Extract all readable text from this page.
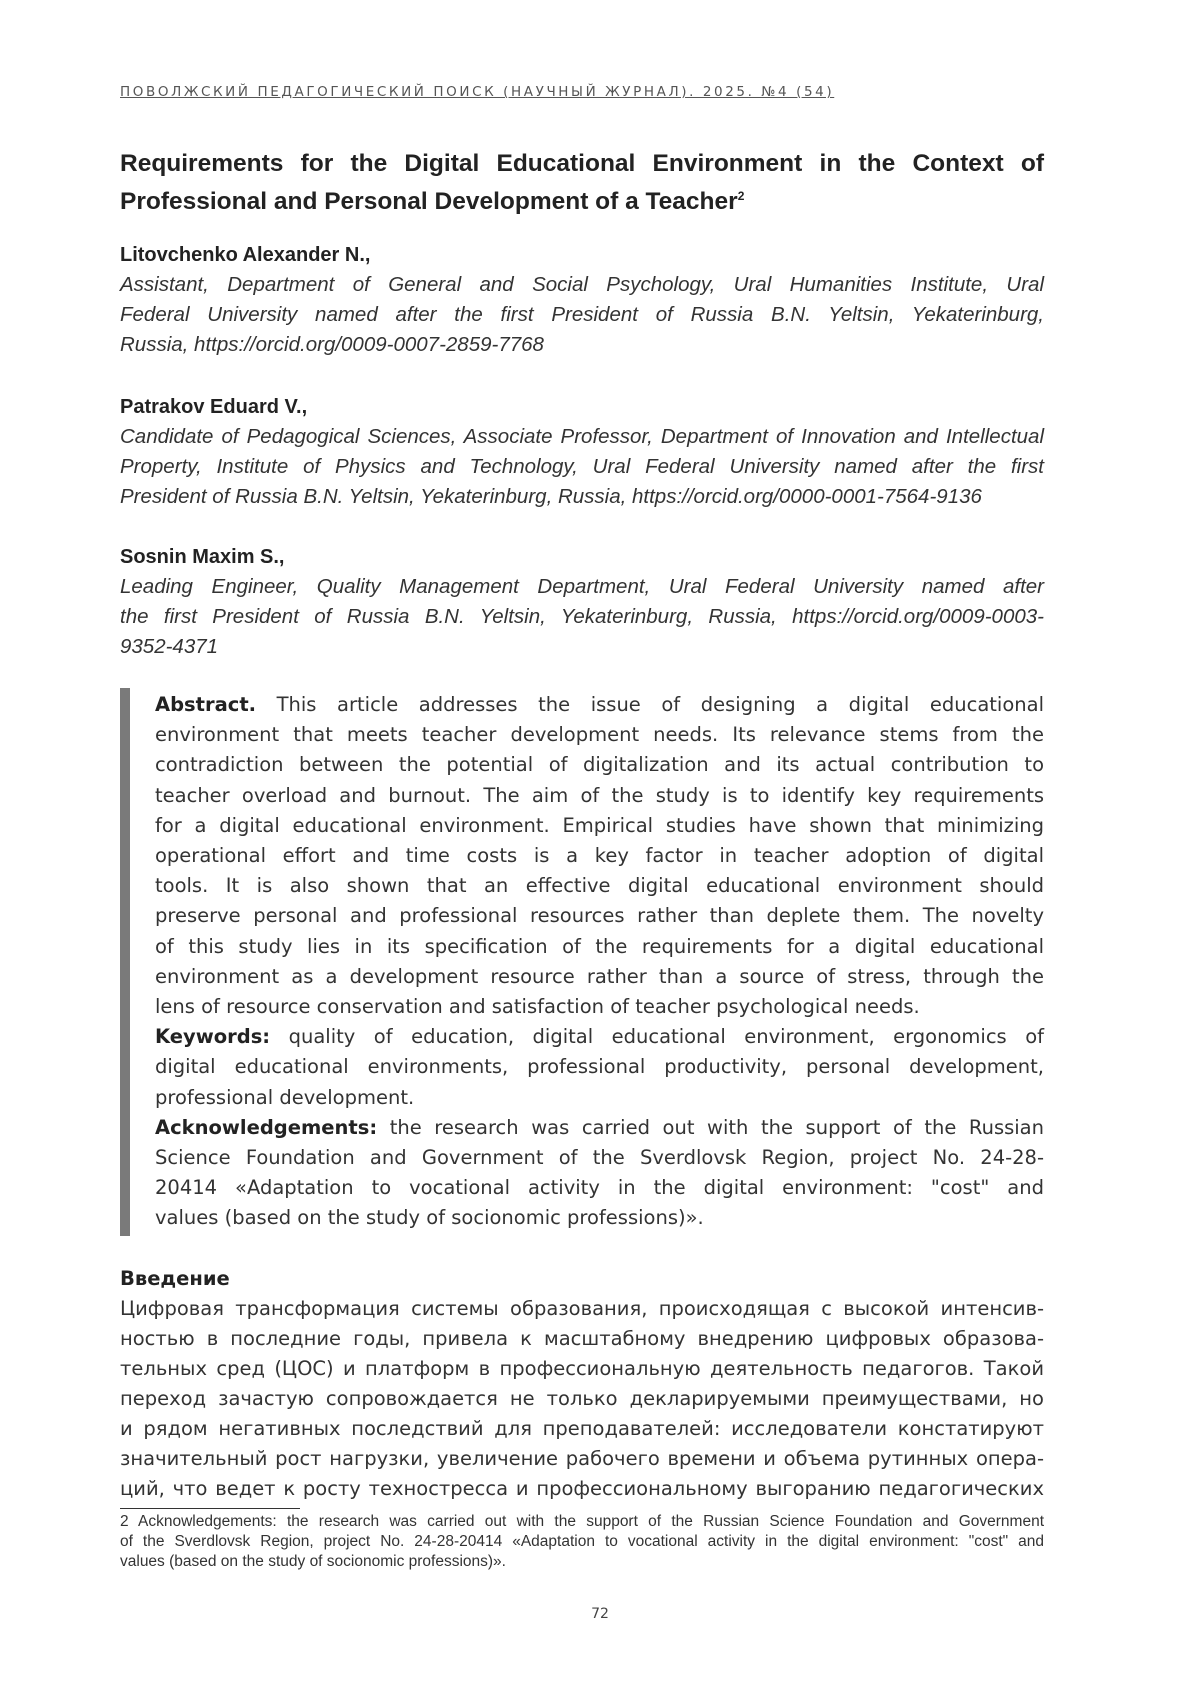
ПОВОЛЖСКИЙ ПЕДАГОГИЧЕСКИЙ ПОИСК (НАУЧНЫЙ ЖУРНАЛ). 2025. №4 (54)
Requirements for the Digital Educational Environment in the Context of
Professional and Personal Development of a Teacher$^2$
Litovchenko Alexander N.,
Assistant, Department of General and Social Psychology, Ural Humanities Institute, Ural
Federal University named after the first President of Russia B.N. Yeltsin, Yekaterinburg,
Russia, https://orcid.org/0009-0007-2859-7768
Patrakov Eduard V.,
Candidate of Pedagogical Sciences, Associate Professor, Department of Innovation and Intellectual
Property, Institute of Physics and Technology, Ural Federal University named after the first
President of Russia B.N. Yeltsin, Yekaterinburg, Russia, https://orcid.org/0000-0001-7564-9136
Sosnin Maxim S.,
Leading Engineer, Quality Management Department, Ural Federal University named after
the first President of Russia B.N. Yeltsin, Yekaterinburg, Russia, https://orcid.org/0009-0003-
9352-4371
Abstract. This article addresses the issue of designing a digital educational
environment that meets teacher development needs. Its relevance stems from the
contradiction between the potential of digitalization and its actual contribution to
teacher overload and burnout. The aim of the study is to identify key requirements
for a digital educational environment. Empirical studies have shown that minimizing
operational effort and time costs is a key factor in teacher adoption of digital
tools. It is also shown that an effective digital educational environment should
preserve personal and professional resources rather than deplete them. The novelty
of this study lies in its specification of the requirements for a digital educational
environment as a development resource rather than a source of stress, through the
lens of resource conservation and satisfaction of teacher psychological needs.
Keywords: quality of education, digital educational environment, ergonomics of
digital educational environments, professional productivity, personal development,
professional development.
Acknowledgements: the research was carried out with the support of the Russian
Science Foundation and Government of the Sverdlovsk Region, project No. 24-28-
20414 «Adaptation to vocational activity in the digital environment: "cost" and
values (based on the study of socionomic professions)».
Введение
Цифровая трансформация системы образования, происходящая с высокой интенсив-
ностью в последние годы, привела к масштабному внедрению цифровых образова-
тельных сред (ЦОС) и платформ в профессиональную деятельность педагогов. Такой
переход зачастую сопровождается не только декларируемыми преимуществами, но
и рядом негативных последствий для преподавателей: исследователи констатируют
значительный рост нагрузки, увеличение рабочего времени и объема рутинных опера-
ций, что ведет к росту техностресса и профессиональному выгоранию педагогических
2 Acknowledgements: the research was carried out with the support of the Russian Science Foundation and Government
of the Sverdlovsk Region, project No. 24-28-20414 «Adaptation to vocational activity in the digital environment: "cost" and
values (based on the study of socionomic professions)».
72
